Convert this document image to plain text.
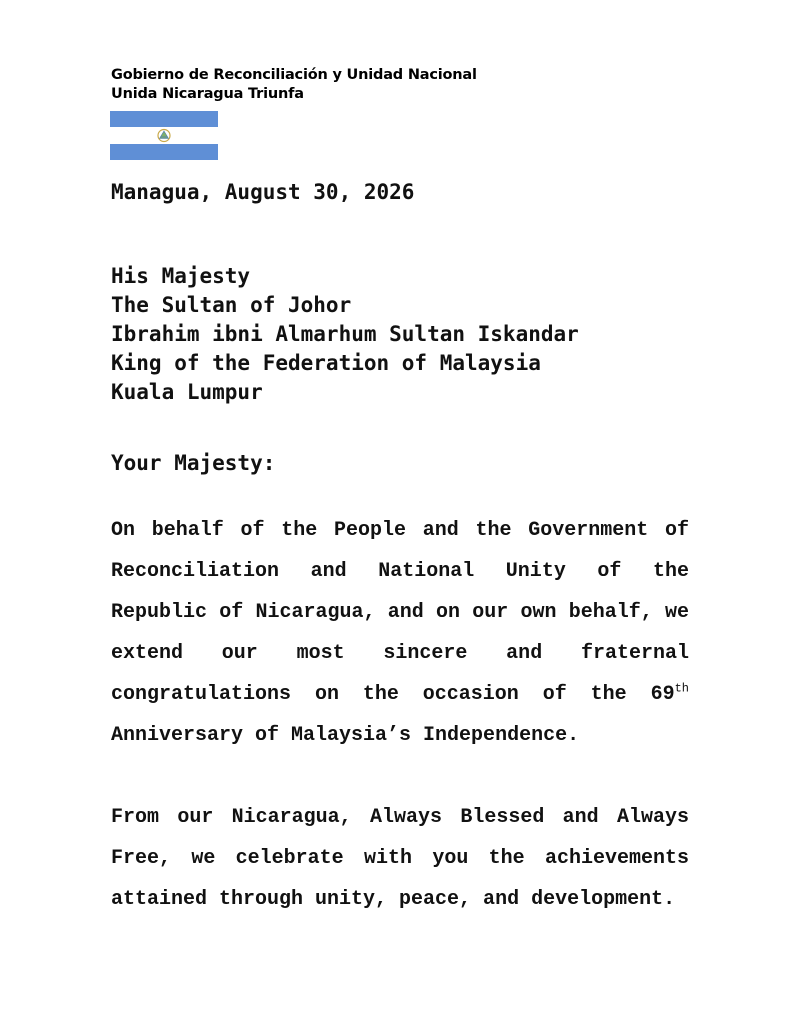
Gobierno de Reconciliación y Unidad Nacional
Unida Nicaragua Triunfa
Managua, August 30, 2026
His Majesty
The Sultan of Johor
Ibrahim ibni Almarhum Sultan Iskandar
King of the Federation of Malaysia
Kuala Lumpur
Your Majesty:
On behalf of the People and the Government of Reconciliation and National Unity of the Republic of Nicaragua, and on our own behalf, we extend our most sincere and fraternal congratulations on the occasion of the 69th Anniversary of Malaysia’s Independence.
From our Nicaragua, Always Blessed and Always Free, we celebrate with you the achievements attained through unity, peace, and development.
